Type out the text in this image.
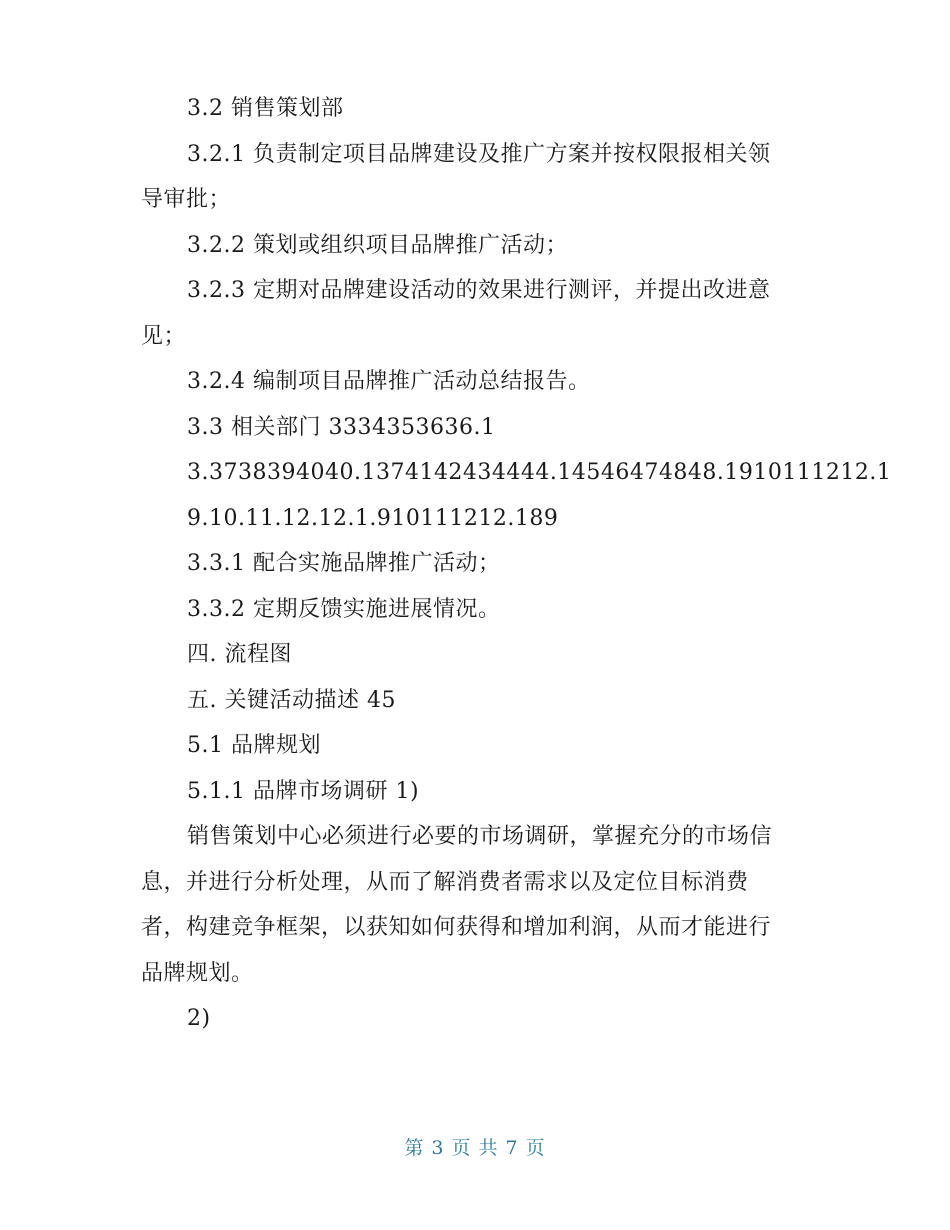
3.2 销售策划部
3.2.1 负责制定项目品牌建设及推广方案并按权限报相关领
导审批；
3.2.2 策划或组织项目品牌推广活动；
3.2.3 定期对品牌建设活动的效果进行测评，并提出改进意
见；
3.2.4 编制项目品牌推广活动总结报告。
3.3 相关部门 3334353636.1
3.3738394040.1374142434444.14546474848.1910111212.1
9.10.11.12.12.1.910111212.189
3.3.1 配合实施品牌推广活动；
3.3.2 定期反馈实施进展情况。
四. 流程图
五. 关键活动描述 45
5.1 品牌规划
5.1.1 品牌市场调研 1)
销售策划中心必须进行必要的市场调研，掌握充分的市场信
息，并进行分析处理，从而了解消费者需求以及定位目标消费
者，构建竞争框架，以获知如何获得和增加利润，从而才能进行
品牌规划。
2)
第 3 页 共 7 页
